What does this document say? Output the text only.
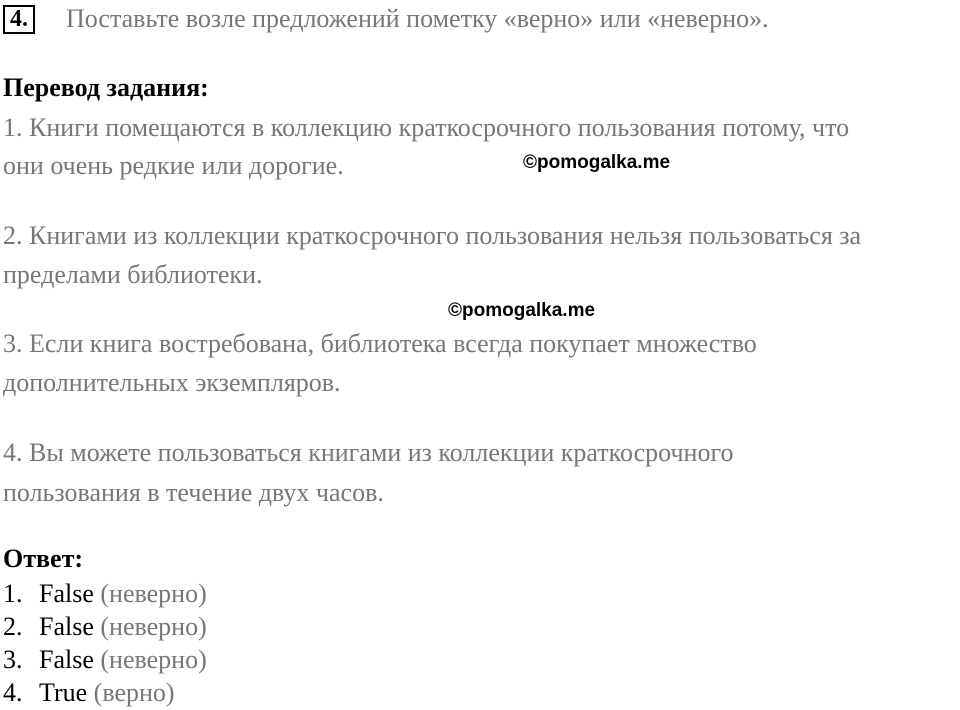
4. Поставьте возле предложений пометку «верно» или «неверно».
Перевод задания:
1. Книги помещаются в коллекцию краткосрочного пользования потому, что
они очень редкие или дорогие.	©pomogalka.me
2. Книгами из коллекции краткосрочного пользования нельзя пользоваться за
пределами библиотеки.
©pomogalka.me
3. Если книга востребована, библиотека всегда покупает множество
дополнительных экземпляров.
4. Вы можете пользоваться книгами из коллекции краткосрочного
пользования в течение двух часов.
Ответ:
1. False (неверно)
2. False (неверно)
3. False (неверно)
4. True (верно)
